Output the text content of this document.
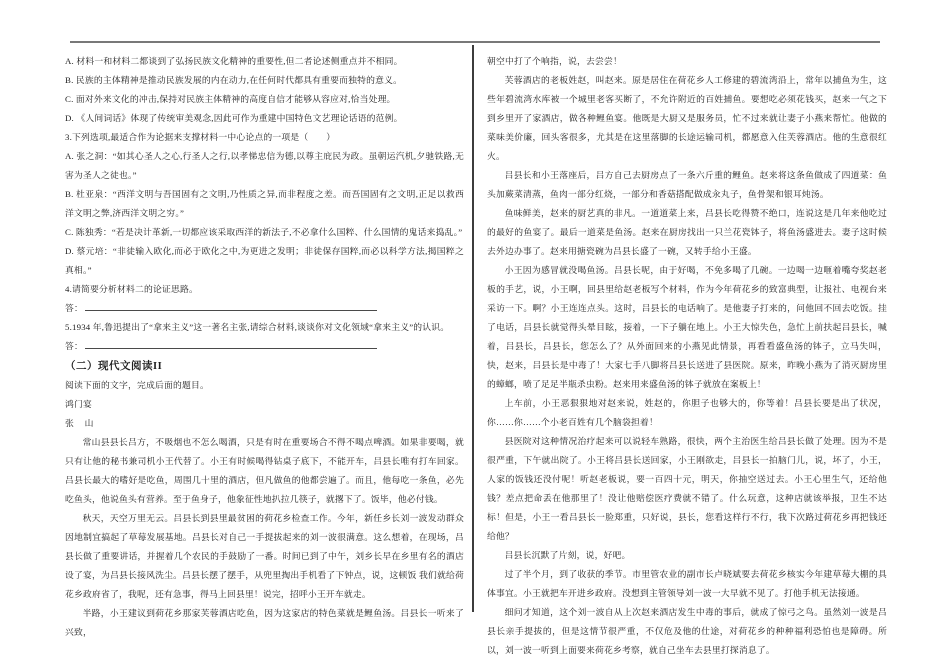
A. 材料一和材料二都谈到了弘扬民族文化精神的重要性,但二者论述侧重点并不相同。

B. 民族的主体精神是推动民族发展的内在动力,在任何时代都具有重要而独特的意义。

C. 面对外来文化的冲击,保持对民族主体精神的高度自信才能够从容应对,恰当处理。

D. 《人间词话》体现了传统审美观念,因此可作为重建中国特色文艺理论话语的范例。

3.下列选项,最适合作为论据来支撑材料一中心论点的一项是（　　）

A. 张之洞：“如其心圣人之心,行圣人之行,以孝悌忠信为德,以尊主庇民为政。虽朝运汽机,夕驰铁路,无害为圣人之徒也。”

B. 杜亚泉：“西洋文明与吾国固有之文明,乃性质之异,而非程度之差。而吾国固有之文明,正足以救西洋文明之弊,济西洋文明之穷。”

C. 陈独秀：“若是决计革新,一切都应该采取西洋的新法子,不必拿什么国粹、什么国情的鬼话来捣乱。”

D. 蔡元培：“非徒输入欧化,而必于欧化之中,为更进之发明；非徒保存国粹,而必以科学方法,揭国粹之真相。”

4.请简要分析材料二的论证思路。

答：

5.1934 年,鲁迅提出了“拿来主义”这一著名主张,请综合材料,谈谈你对文化领域“拿来主义”的认识。

答：

（二）现代文阅读II

阅读下面的文字，完成后面的题目。

鸿门宴

张　山

常山县县长吕方，不吸烟也不怎么喝酒，只是有时在重要场合不得不喝点啤酒。如果非要喝，就只有让他的秘书兼司机小王代替了。小王有时候喝得钻桌子底下，不能开车，吕县长唯有打车回家。吕县长最大的嗜好是吃鱼，周围几十里的酒店，但凡做鱼的他都尝遍了。而且，他每吃一条鱼，必先吃鱼头，他说鱼头有营养。至于鱼身子，他象征性地扒拉几筷子，就撂下了。饭毕，他必付钱。

秋天，天空万里无云。吕县长到县里最贫困的荷花乡检查工作。今年，新任乡长刘一波发动群众因地制宜搞起了草莓发展基地。吕县长对自己一手提拔起来的刘一波很满意。这么想着，在现场，吕县长做了重要讲话，并握着几个农民的手鼓励了一番。时间已到了中午，刘乡长早在乡里有名的酒店设了宴，为吕县长接风洗尘。吕县长摆了摆手，从兜里掏出手机看了下钟点，说，这顿饭 我们就给荷花乡政府省了，我呢，还有急事，得马上回县里！说完，招呼小王开车就走。

半路，小王建议到荷花乡那家芙蓉酒店吃鱼，因为这家店的特色菜就是鲤鱼汤。吕县长一听来了兴致，

朝空中打了个响指，说，去尝尝！

芙蓉酒店的老板姓赵，叫赵来。原是居住在荷花乡人工修建的碧流湾沿上，常年以捕鱼为生，这些年碧流湾水库被一个城里老客买断了，不允许附近的百姓捕鱼。要想吃必须花钱买，赵来一气之下到乡里开了家酒店，做各种鲤鱼宴。他既是大厨又是服务员，忙不过来就让妻子小燕来帮忙。他做的菜味美价廉，回头客很多，尤其是在这里落脚的长途运输司机，都愿意入住芙蓉酒店。他的生意很红火。

吕县长和小王落座后，吕方自己去厨房点了一条六斤重的鲤鱼。赵来将这条鱼做成了四道菜：鱼头加蕨菜清蒸，鱼肉一部分红烧，一部分和香菇搭配做成汆丸子，鱼骨架和银耳炖汤。

鱼味鲜美，赵来的厨艺真的非凡。一道道菜上来，吕县长吃得赞不绝口，连说这是几年来他吃过的最好的鱼宴了。最后一道菜是鱼汤。赵来在厨房找出一只兰花瓷钵子，将鱼汤盛进去。妻子这时候去外边办事了。赵来用搪瓷碗为吕县长盛了一碗，又转手给小王盛。

小王因为感冒就没喝鱼汤。吕县长呢，由于好喝，不免多喝了几碗。一边喝一边咂着嘴夸奖赵老板的手艺，说，小王啊，回县里给赵老板写个材料，作为今年荷花乡的致富典型，让报社、电视台来采访一下。啊？小王连连点头。这时，吕县长的电话响了。是他妻子打来的，问他回不回去吃饭。挂了电话，吕县长就觉得头晕目眩，接着，一下子躺在地上。小王大惊失色，急忙上前扶起吕县长，喊着，吕县长，吕县长，您怎么了？从外面回来的小燕见此情景，再看看盛鱼汤的钵子，立马失叫，快，赵来，吕县长是中毒了！大家七手八脚将吕县长送进了县医院。原来，昨晚小燕为了消灭厨房里的蟑螂，喷了足足半瓶杀虫粉。赵来用来盛鱼汤的钵子就放在案板上！

上车前，小王恶狠狠地对赵来说，姓赵的，你胆子也够大的，你等着！吕县长要是出了状况，你……你……个小老百姓有几个脑袋担着！

县医院对这种情况治疗起来可以说轻车熟路，很快，两个主治医生给吕县长做了处理。因为不是很严重，下午就出院了。小王将吕县长送回家，小王刚欲走，吕县长一拍脑门儿，说，坏了，小王，人家的饭钱还没付呢！听赵老板说，要一百四十元，明天，你抽空送过去。小王心里生气，还给他钱？差点把命丢在他那里了！没让他赔偿医疗费就不错了。什么玩意，这种店就该举报，卫生不达标！但是，小王一看吕县长一脸郑重，只好说，县长，您看这样行不行，我下次路过荷花乡再把钱还给他？

吕县长沉默了片刻，说，好吧。

过了半个月，到了收获的季节。市里管农业的副市长卢晓斌要去荷花乡核实今年建草莓大棚的具体事宜。小王就把车开进乡政府。没想到主管领导刘一波一大早就不见了。打他手机无法接通。

细问才知道，这个刘一波自从上次赵来酒店发生中毒的事后，就成了惊弓之鸟。虽然刘一波是吕县长亲手提拔的，但是这情节很严重，不仅危及他的仕途，对荷花乡的种种福利恐怕也是障碍。所以，刘一波一听到上面要来荷花乡考察，就自己坐车去县里打探消息了。
